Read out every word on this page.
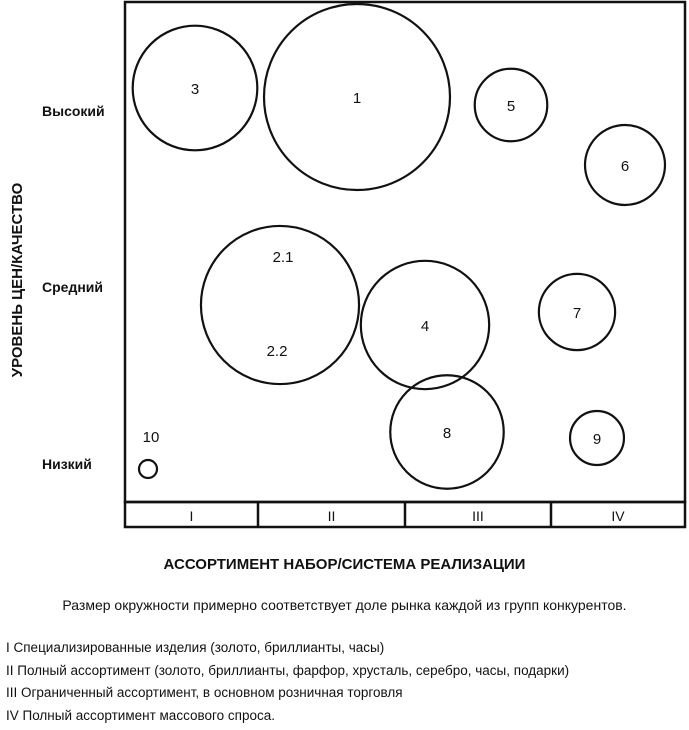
I	II	III	IV
1
3
5
6
2.1
2.2
4
7
8	9
10
УРОВЕНЬ ЦЕН/КАЧЕСТВО
Высокий
Средний
Низкий
АССОРТИМЕНТ НАБОР/СИСТЕМА РЕАЛИЗАЦИИ
Размер окружности примерно соответствует доле рынка каждой из групп конкурентов.
I Специализированные изделия (золото, бриллианты, часы)
II Полный ассортимент (золото, бриллианты, фарфор, хрусталь, серебро, часы, подарки)
III Ограниченный ассортимент, в основном розничная торговля
IV Полный ассортимент массового спроса.
